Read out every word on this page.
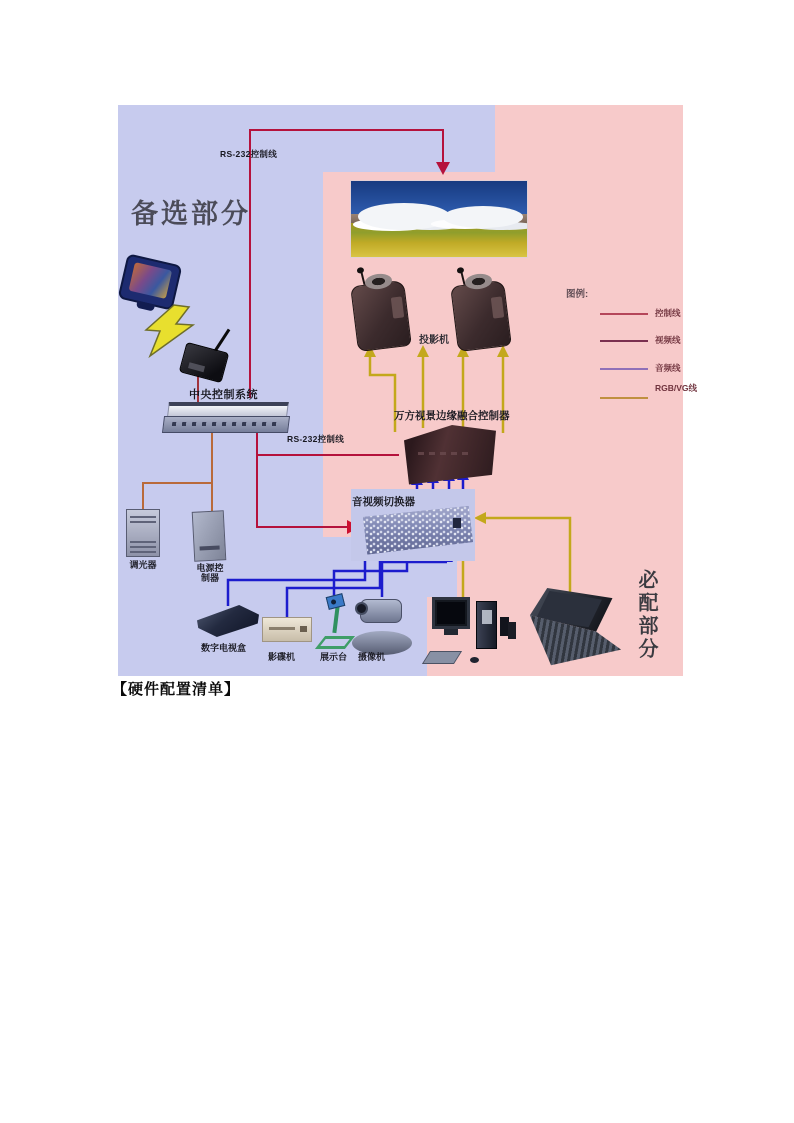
备选部分
必配部分
投影机
图例:
控制线
视频线
音频线
RGB/VG线
RS-232控制线
RS-232控制线
中央控制系统
万方视景边缘融合控制器
音视频切换器
调光器	电源控 制器
数字电视盒
影碟机	展示台 摄像机
【硬件配置清单】
